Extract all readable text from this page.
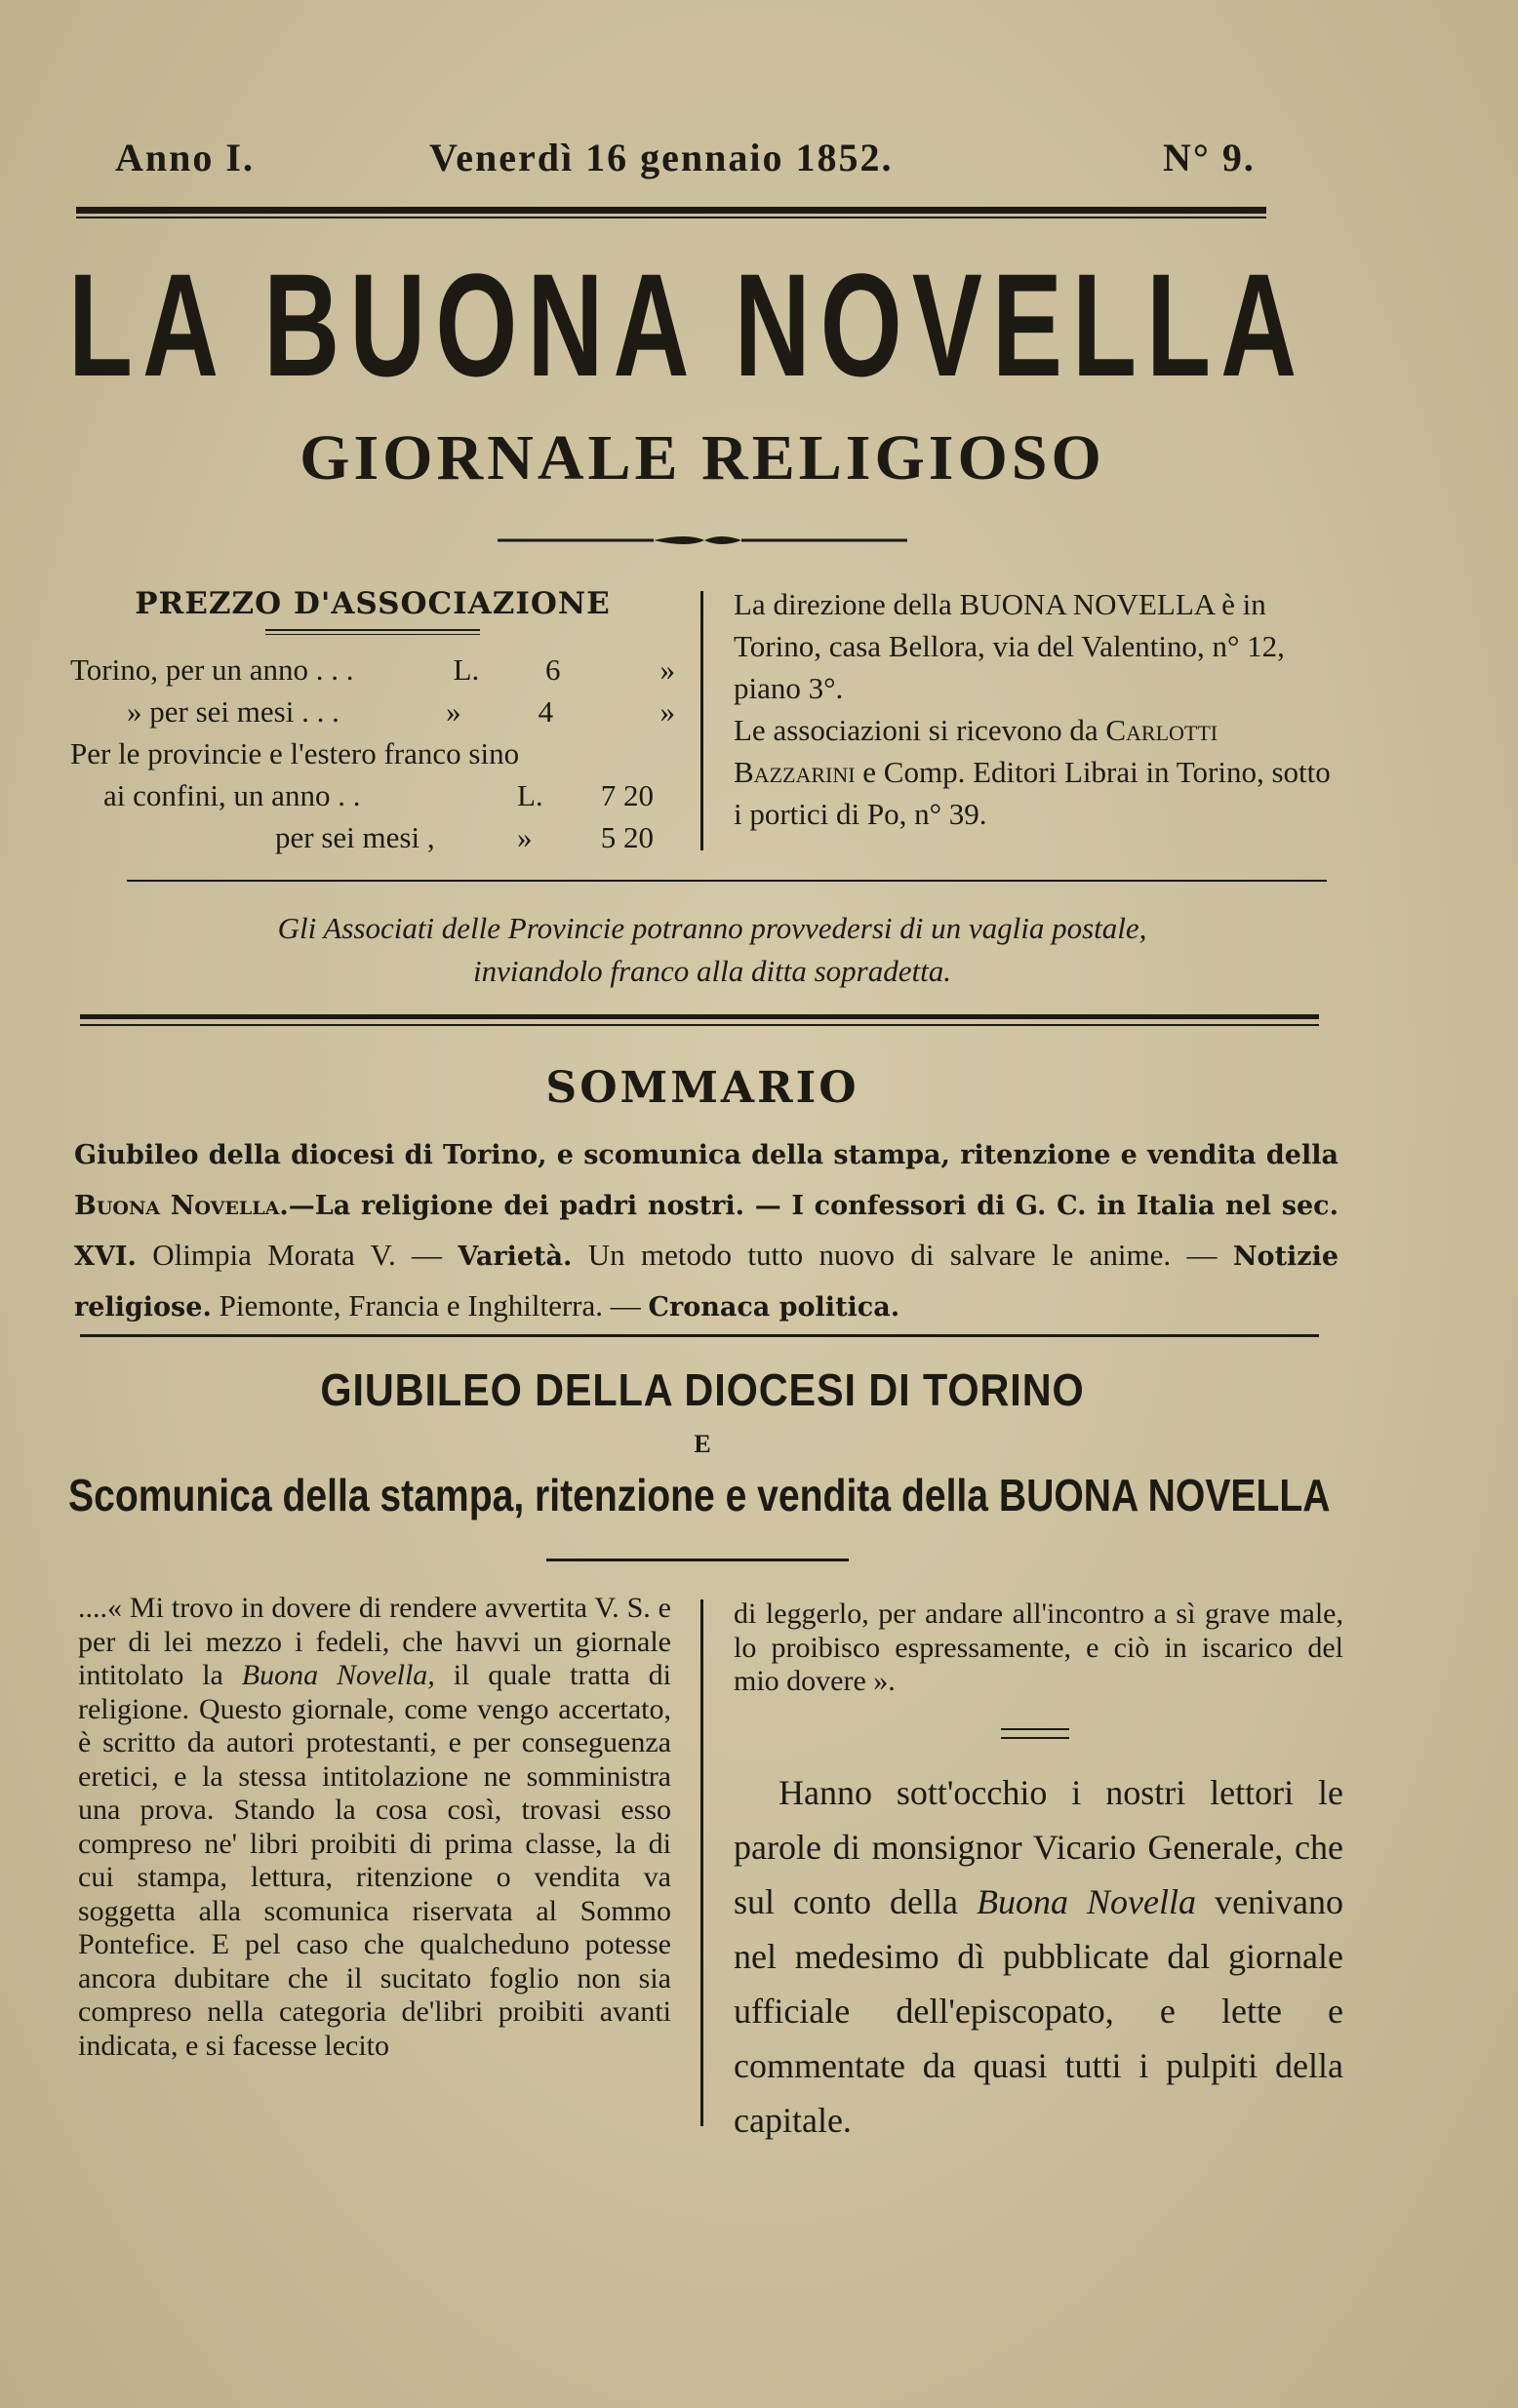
Anno I.	Venerdì 16 gennaio 1852.	N° 9.
LA BUONA NOVELLA
GIORNALE RELIGIOSO
PREZZO D'ASSOCIAZIONE
Torino, per un anno . . .	L. 6	»
» per sei mesi . . .	»	4	»
Per le provincie e l'estero franco sino
ai confini, un anno . .	L. 7 20
per sei mesi ,	» 5 20
La direzione della BUONA NOVELLA è in Torino, casa Bellora, via del Valentino, n° 12, piano 3°.
Le associazioni si ricevono da Carlotti Bazzarini e Comp. Editori Librai in Torino, sotto i portici di Po, n° 39.
Gli Associati delle Provincie potranno provvedersi di un vaglia postale,
inviandolo franco alla ditta sopradetta.
SOMMARIO
Giubileo della diocesi di Torino, e scomunica della stampa, ritenzione e vendita della Buona Novella.—La religione dei padri nostri. — I confessori di G. C. in Italia nel sec. XVI. Olimpia Morata V. — Varietà. Un metodo tutto nuovo di salvare le anime. — Notizie religiose. Piemonte, Francia e Inghilterra. — Cronaca politica.
GIUBILEO DELLA DIOCESI DI TORINO
E
Scomunica della stampa, ritenzione e vendita della BUONA NOVELLA
....« Mi trovo in dovere di rendere avvertita V. S. e per di lei mezzo i fedeli, che havvi un giornale intitolato la Buona Novella, il quale tratta di religione. Questo giornale, come vengo accertato, è scritto da autori protestanti, e per conseguenza eretici, e la stessa intitolazione ne somministra una prova. Stando la cosa così, trovasi esso compreso ne' libri proibiti di prima classe, la di cui stampa, lettura, ritenzione o vendita va soggetta alla scomunica riservata al Sommo Pontefice. E pel caso che qualcheduno potesse ancora dubitare che il sucitato foglio non sia compreso nella categoria de'libri proibiti avanti indicata, e si facesse lecito
di leggerlo, per andare all'incontro a sì grave male, lo proibisco espressamente, e ciò in iscarico del mio dovere ».
Hanno sott'occhio i nostri lettori le parole di monsignor Vicario Generale, che sul conto della Buona Novella venivano nel medesimo dì pubblicate dal giornale ufficiale dell'episcopato, e lette e commentate da quasi tutti i pulpiti della capitale.
